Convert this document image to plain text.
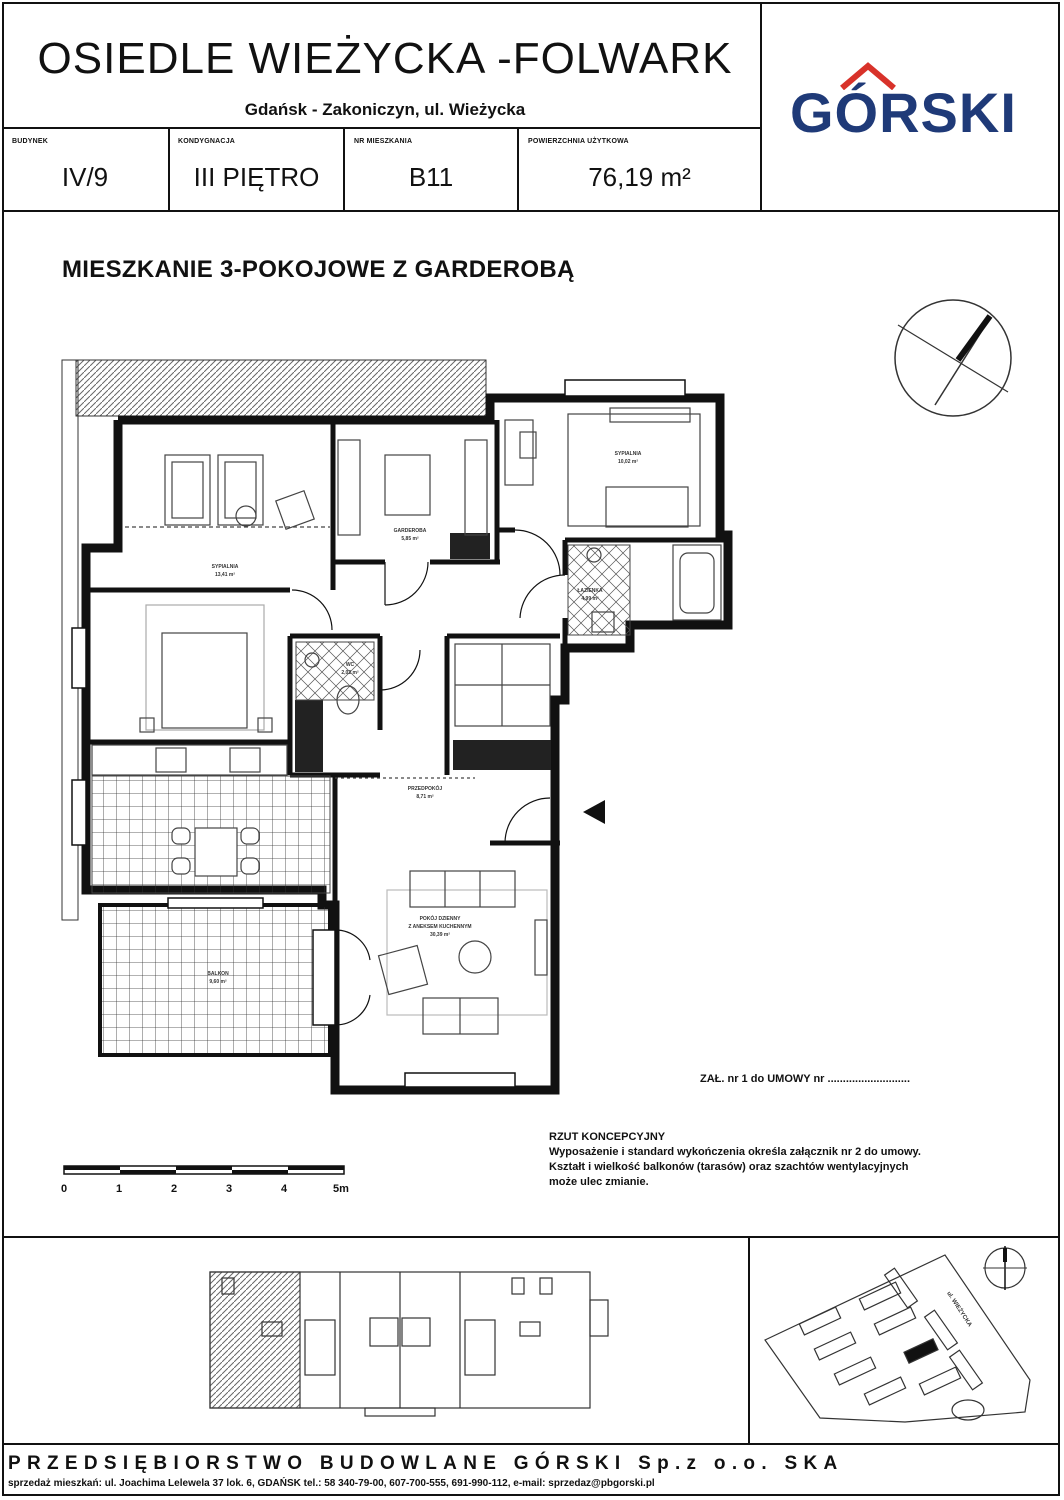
OSIEDLE WIEŻYCKA -FOLWARK
Gdańsk - Zakoniczyn, ul. Wieżycka	GÓRSKI
BUDYNEK
IV/9
KONDYGNACJA
III PIĘTRO
NR MIESZKANIA
B11
POWIERZCHNIA UŻYTKOWA
76,19 m²
MIESZKANIE 3-POKOJOWE Z GARDEROBĄ
SYPIALNIA
13,41 m²
GARDEROBA
5,85 m²
SYPIALNIA
10,02 m²
ŁAZIENKA
4,99 m²
WC
2,02 m²
PRZEDPOKÓJ
8,71 m²
POKÓJ DZIENNY
Z ANEKSEM KUCHENNYM
30,39 m²
BALKON
9,60 m²
ul. WIEŻYCKA
ZAŁ. nr 1 do UMOWY nr ...........................
RZUT KONCEPCYJNY
Wyposażenie i standard wykończenia określa załącznik nr 2 do umowy.
Kształt i wielkość balkonów (tarasów) oraz szachtów wentylacyjnych
może ulec zmianie.
0	1	2	3	4	5m
PRZEDSIĘBIORSTWO BUDOWLANE GÓRSKI Sp.z o.o. SKA
sprzedaż mieszkań: ul. Joachima Lelewela 37 lok. 6, GDAŃSK tel.: 58 340-79-00, 607-700-555, 691-990-112, e-mail: sprzedaz@pbgorski.pl
